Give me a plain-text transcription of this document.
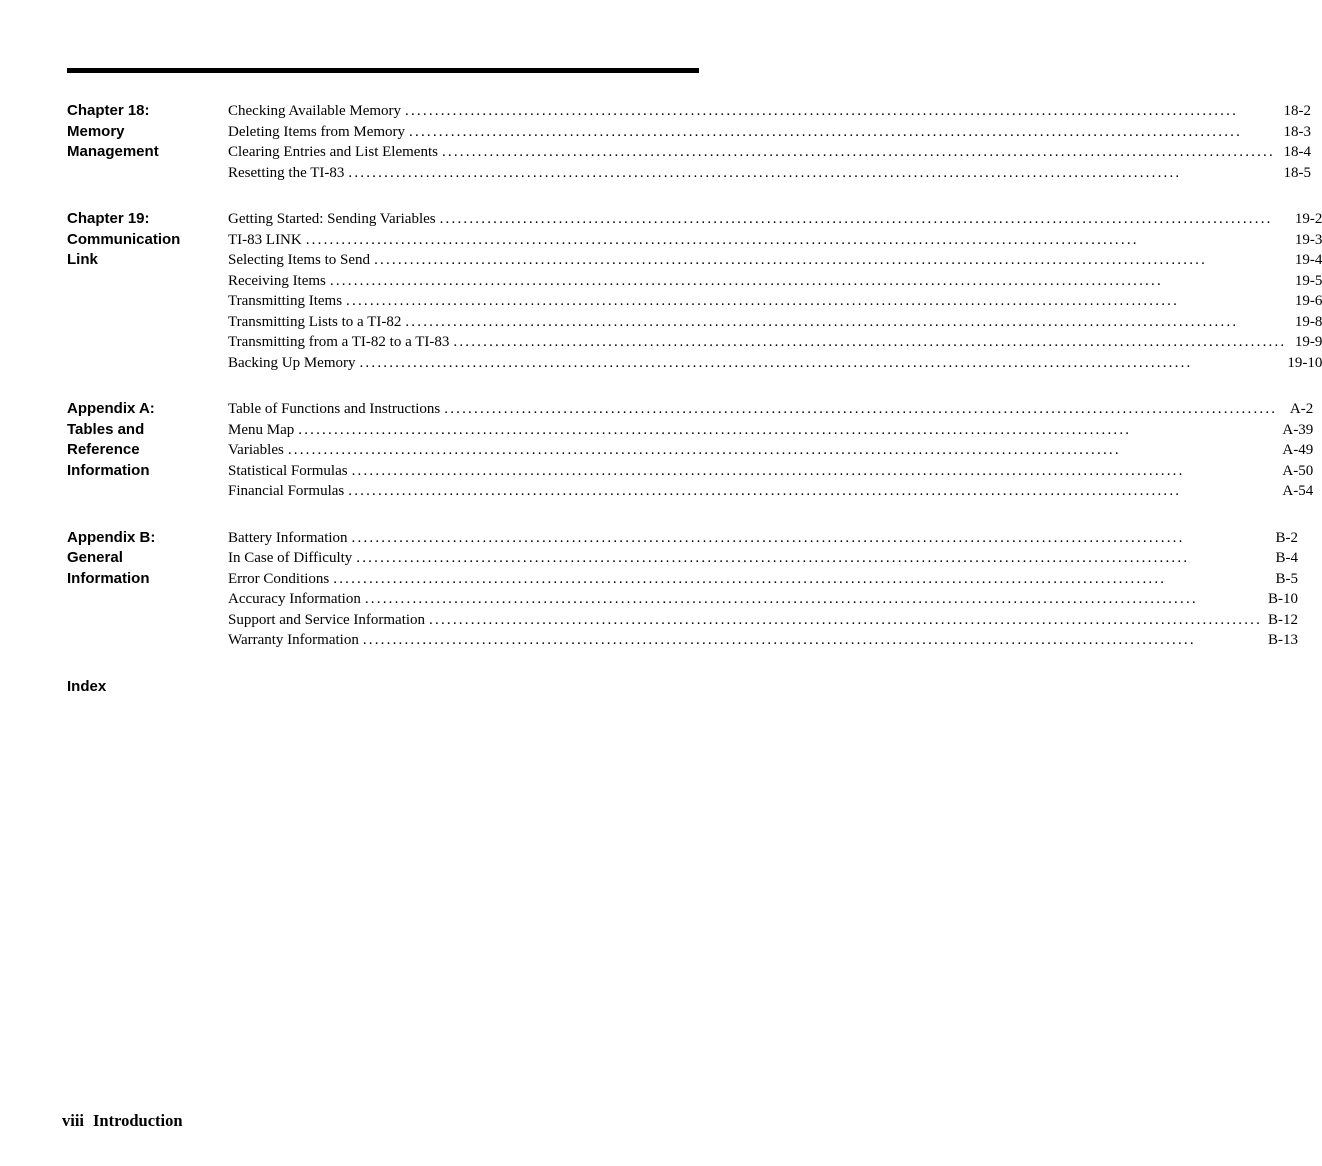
Chapter 18:
Memory
Management
Checking Available Memory .....	18-2
Deleting Items from Memory .....	18-3
Clearing Entries and List Elements .....	18-4
Resetting the TI-83 .....	18-5
Chapter 19:
Communication
Link
Getting Started: Sending Variables .....	19-2
TI-83 LINK .....	19-3
Selecting Items to Send .....	19-4
Receiving Items .....	19-5
Transmitting Items .....	19-6
Transmitting Lists to a TI-82 .....	19-8
Transmitting from a TI-82 to a TI-83 .....	19-9
Backing Up Memory .....	19-10
Appendix A:
Tables and
Reference
Information
Table of Functions and Instructions .....	A-2
Menu Map .....	A-39
Variables .....	A-49
Statistical Formulas .....	A-50
Financial Formulas .....	A-54
Appendix B:
General
Information
Battery Information .....	B-2
In Case of Difficulty .....	B-4
Error Conditions .....	B-5
Accuracy Information .....	B-10
Support and Service Information .....	B-12
Warranty Information .....	B-13
Index
viii Introduction
